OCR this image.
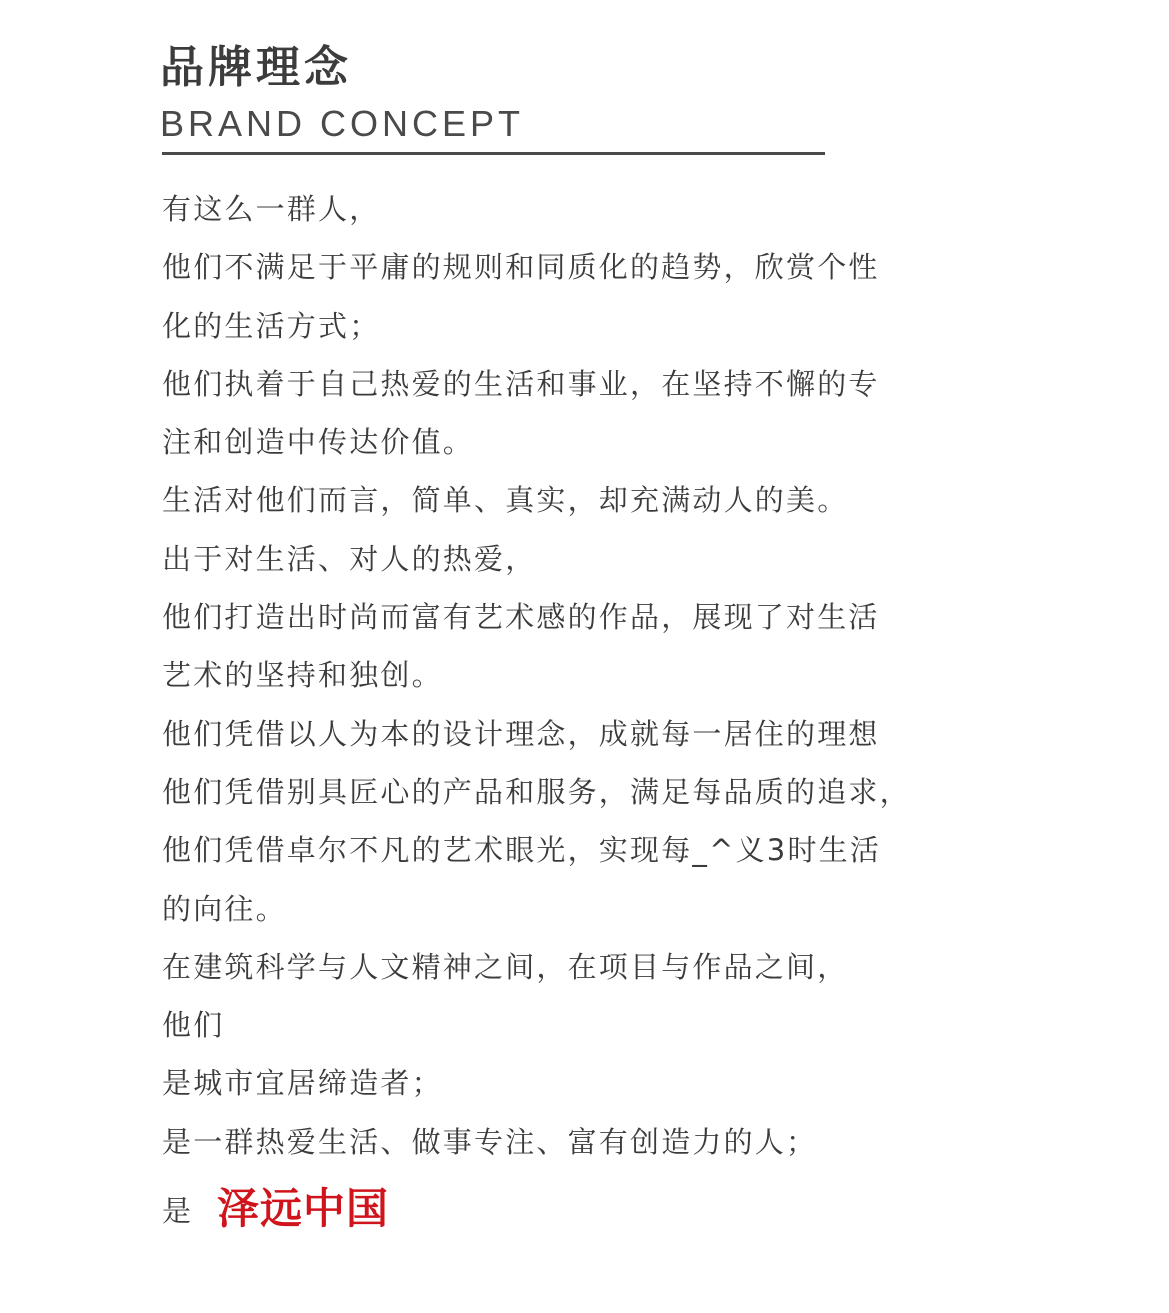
品牌理念
BRAND CONCEPT
有这么一群人，
他们不满足于平庸的规则和同质化的趋势，欣赏个性
化的生活方式；
他们执着于自己热爱的生活和事业，在坚持不懈的专
注和创造中传达价值。
生活对他们而言，简单、真实，却充满动人的美。
出于对生活、对人的热爱，
他们打造出时尚而富有艺术感的作品，展现了对生活
艺术的坚持和独创。
他们凭借以人为本的设计理念，成就每一居住的理想
他们凭借别具匠心的产品和服务，满足每品质的追求，
他们凭借卓尔不凡的艺术眼光，实现每_^义3时生活
的向往。
在建筑科学与人文精神之间，在项目与作品之间，
他们
是城市宜居缔造者；
是一群热爱生活、做事专注、富有创造力的人；
是 泽远中国
